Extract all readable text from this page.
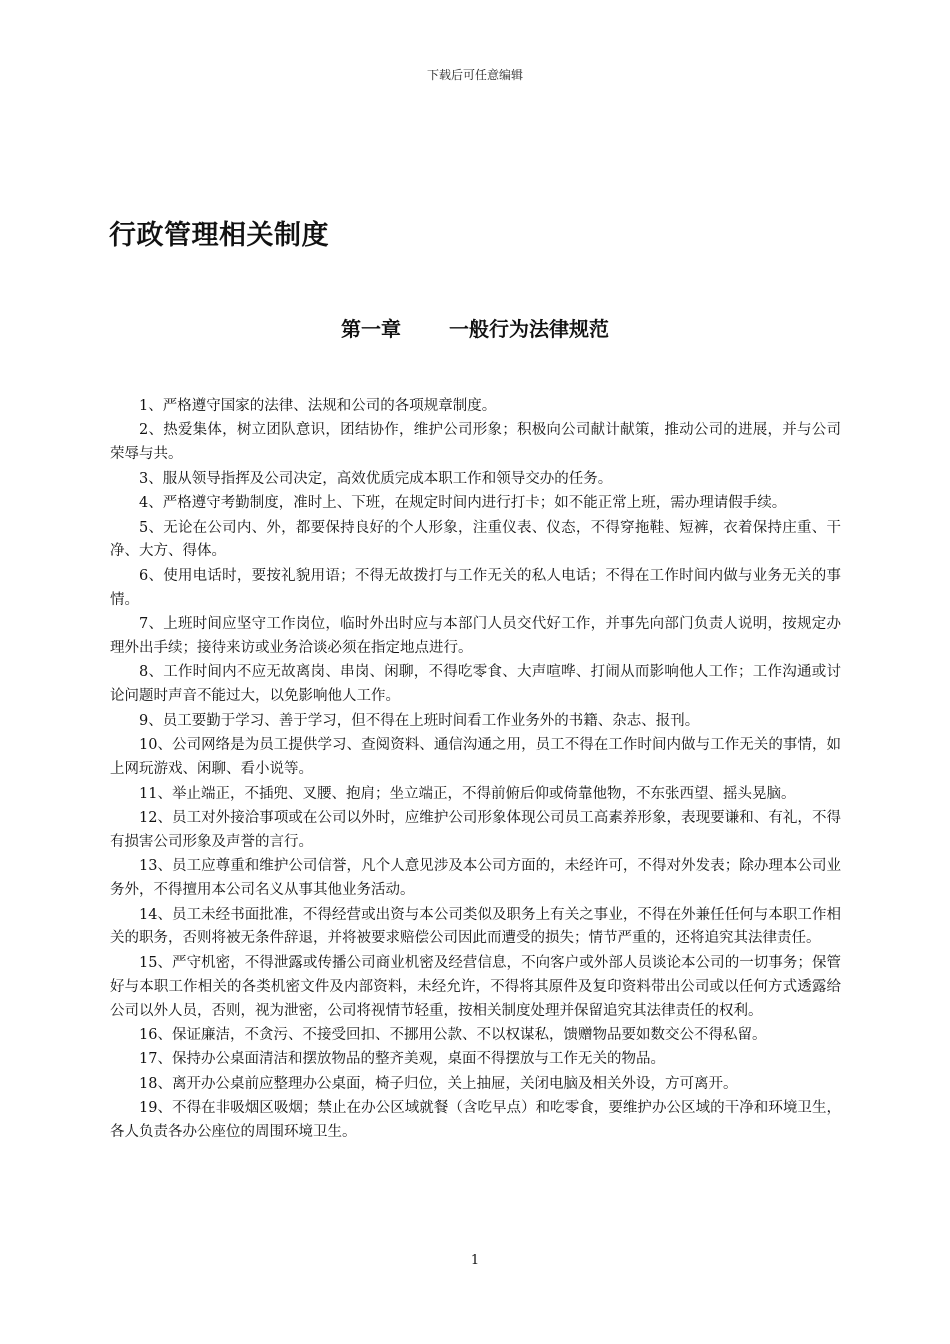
下载后可任意编辑
行政管理相关制度
第一章 一般行为法律规范

1、严格遵守国家的法律、法规和公司的各项规章制度。

2、热爱集体，树立团队意识，团结协作，维护公司形象；积极向公司献计献策，推动公司的进展，并与公司荣辱与共。

3、服从领导指挥及公司决定，高效优质完成本职工作和领导交办的任务。

4、严格遵守考勤制度，准时上、下班，在规定时间内进行打卡；如不能正常上班，需办理请假手续。

5、无论在公司内、外，都要保持良好的个人形象，注重仪表、仪态，不得穿拖鞋、短裤，衣着保持庄重、干净、大方、得体。

6、使用电话时，要按礼貌用语；不得无故拨打与工作无关的私人电话；不得在工作时间内做与业务无关的事情。

7、上班时间应坚守工作岗位，临时外出时应与本部门人员交代好工作，并事先向部门负责人说明，按规定办理外出手续；接待来访或业务洽谈必须在指定地点进行。

8、工作时间内不应无故离岗、串岗、闲聊，不得吃零食、大声喧哗、打闹从而影响他人工作；工作沟通或讨论问题时声音不能过大，以免影响他人工作。

9、员工要勤于学习、善于学习，但不得在上班时间看工作业务外的书籍、杂志、报刊。

10、公司网络是为员工提供学习、查阅资料、通信沟通之用，员工不得在工作时间内做与工作无关的事情，如上网玩游戏、闲聊、看小说等。

11、举止端正，不插兜、叉腰、抱肩；坐立端正，不得前俯后仰或倚靠他物，不东张西望、摇头晃脑。

12、员工对外接洽事项或在公司以外时，应维护公司形象体现公司员工高素养形象，表现要谦和、有礼，不得有损害公司形象及声誉的言行。

13、员工应尊重和维护公司信誉，凡个人意见涉及本公司方面的，未经许可，不得对外发表；除办理本公司业务外，不得擅用本公司名义从事其他业务活动。

14、员工未经书面批准，不得经营或出资与本公司类似及职务上有关之事业，不得在外兼任任何与本职工作相关的职务，否则将被无条件辞退，并将被要求赔偿公司因此而遭受的损失；情节严重的，还将追究其法律责任。

15、严守机密，不得泄露或传播公司商业机密及经营信息，不向客户或外部人员谈论本公司的一切事务；保管好与本职工作相关的各类机密文件及内部资料，未经允许，不得将其原件及复印资料带出公司或以任何方式透露给公司以外人员，否则，视为泄密，公司将视情节轻重，按相关制度处理并保留追究其法律责任的权利。

16、保证廉洁，不贪污、不接受回扣、不挪用公款、不以权谋私，馈赠物品要如数交公不得私留。

17、保持办公桌面清洁和摆放物品的整齐美观，桌面不得摆放与工作无关的物品。

18、离开办公桌前应整理办公桌面，椅子归位，关上抽屉，关闭电脑及相关外设，方可离开。

19、不得在非吸烟区吸烟；禁止在办公区域就餐（含吃早点）和吃零食，要维护办公区域的干净和环境卫生，各人负责各办公座位的周围环境卫生。

1
